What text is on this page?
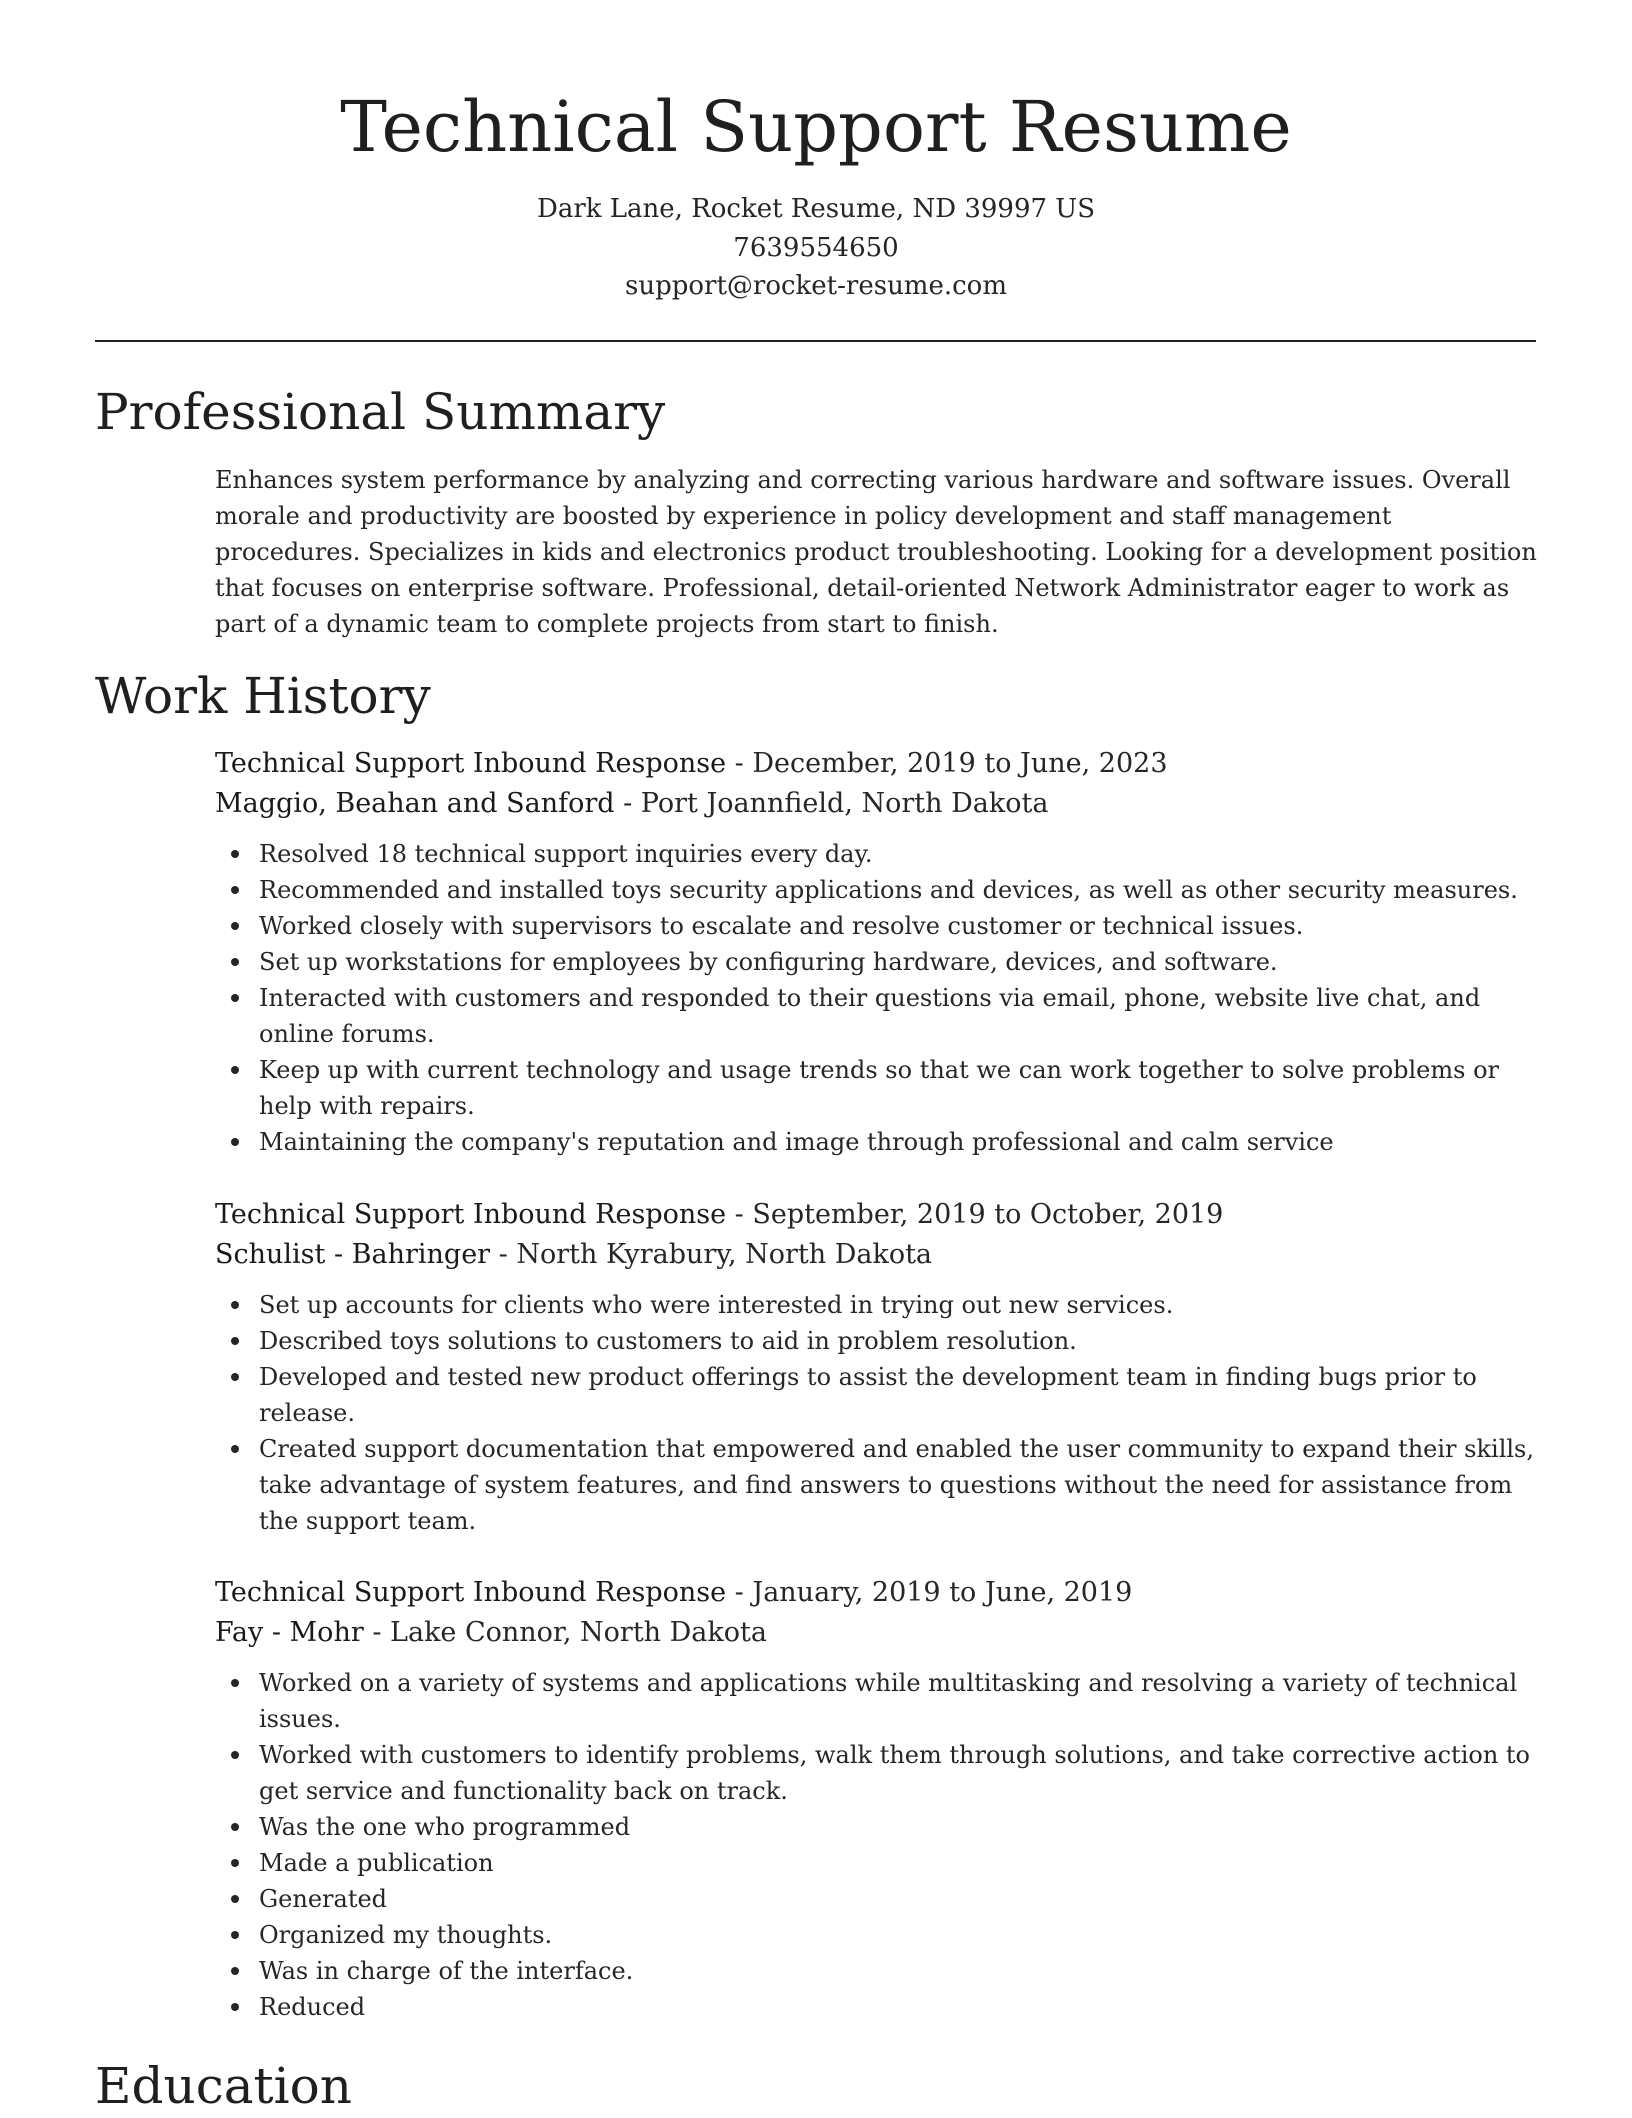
Technical Support Resume
Dark Lane, Rocket Resume, ND 39997 US
7639554650
support@rocket-resume.com
Professional Summary

Enhances system performance by analyzing and correcting various hardware and software issues. Overall morale and productivity are boosted by experience in policy development and staff management procedures. Specializes in kids and electronics product troubleshooting. Looking for a development position that focuses on enterprise software. Professional, detail-oriented Network Administrator eager to work as part of a dynamic team to complete projects from start to finish.

Work History
Technical Support Inbound Response - December, 2019 to June, 2023
Maggio, Beahan and Sanford - Port Joannfield, North Dakota
Resolved 18 technical support inquiries every day.
Recommended and installed toys security applications and devices, as well as other security measures.
Worked closely with supervisors to escalate and resolve customer or technical issues.
Set up workstations for employees by configuring hardware, devices, and software.
Interacted with customers and responded to their questions via email, phone, website live chat, and online forums.
Keep up with current technology and usage trends so that we can work together to solve problems or help with repairs.
Maintaining the company's reputation and image through professional and calm service
Technical Support Inbound Response - September, 2019 to October, 2019
Schulist - Bahringer - North Kyrabury, North Dakota
Set up accounts for clients who were interested in trying out new services.
Described toys solutions to customers to aid in problem resolution.
Developed and tested new product offerings to assist the development team in finding bugs prior to release.
Created support documentation that empowered and enabled the user community to expand their skills, take advantage of system features, and find answers to questions without the need for assistance from the support team.
Technical Support Inbound Response - January, 2019 to June, 2019
Fay - Mohr - Lake Connor, North Dakota
Worked on a variety of systems and applications while multitasking and resolving a variety of technical issues.
Worked with customers to identify problems, walk them through solutions, and take corrective action to get service and functionality back on track.
Was the one who programmed
Made a publication
Generated
Organized my thoughts.
Was in charge of the interface.
Reduced
Education
